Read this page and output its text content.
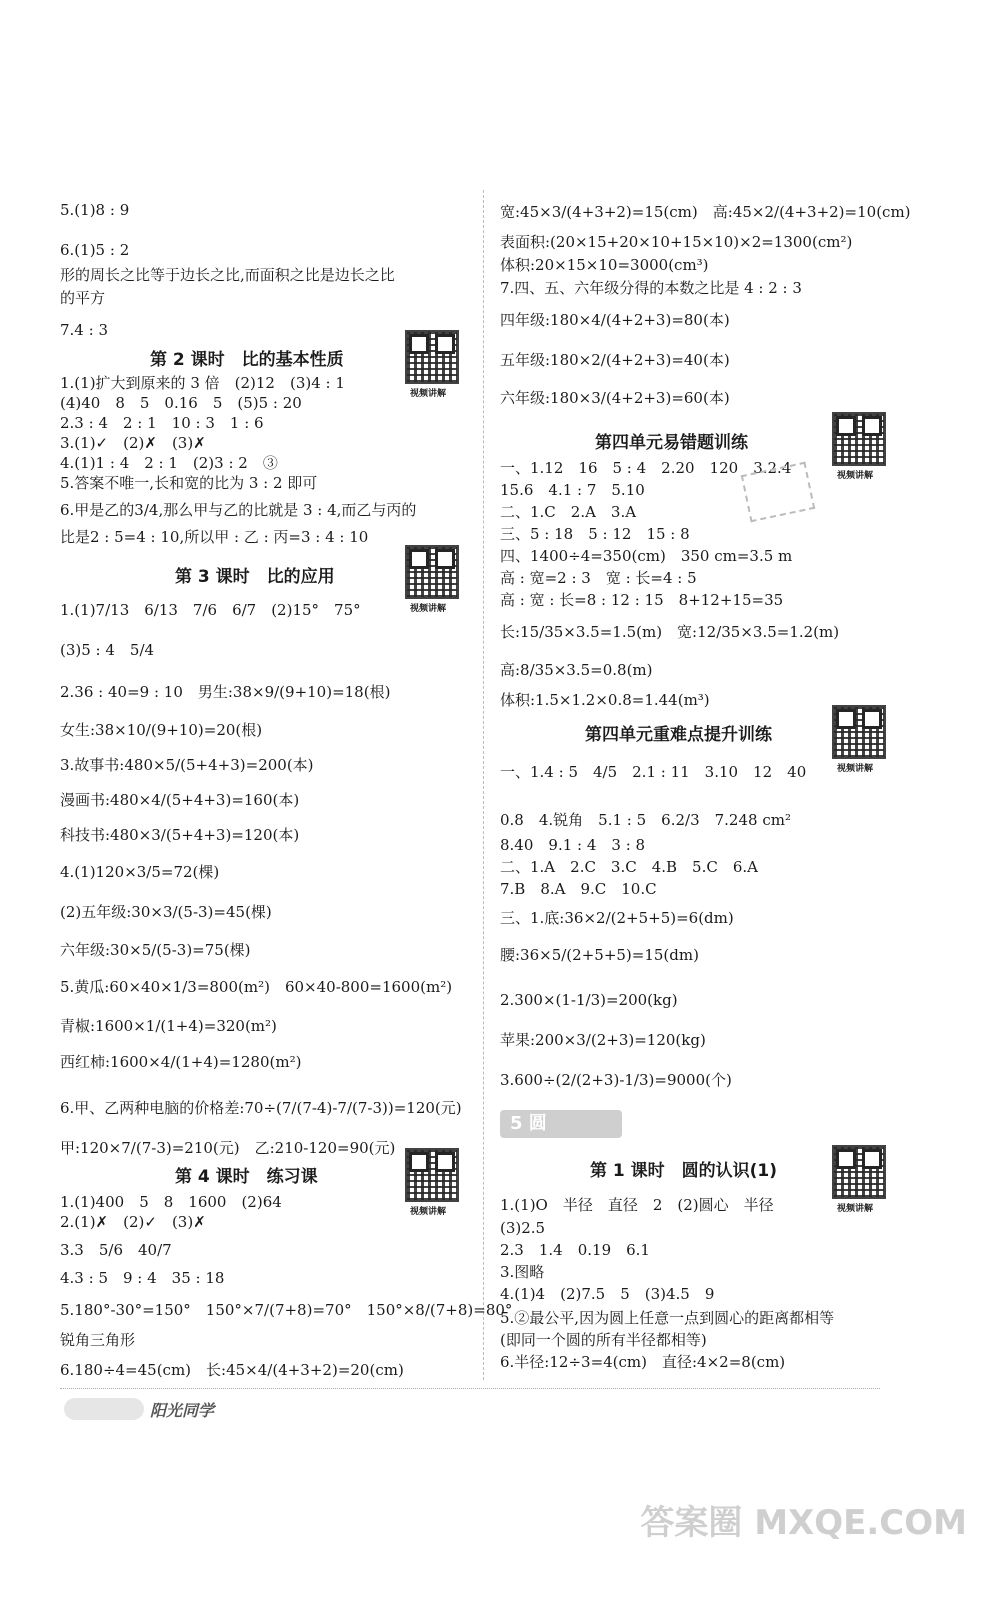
5.(1)8 : 9
6.(1)5 : 2
形的周长之比等于边长之比,而面积之比是边长之比
的平方
7.4 : 3
第 2 课时　比的基本性质
视频讲解
1.(1)扩大到原来的 3 倍　(2)12　(3)4 : 1
(4)40　8　5　0.16　5　(5)5 : 20
2.3 : 4　2 : 1　10 : 3　1 : 6
3.(1)✓　(2)✗　(3)✗
4.(1)1 : 4　2 : 1　(2)3 : 2　③
5.答案不唯一,长和宽的比为 3 : 2 即可
6.甲是乙的3/4,那么甲与乙的比就是 3 : 4,而乙与丙的
比是2 : 5=4 : 10,所以甲 : 乙 : 丙=3 : 4 : 10
第 3 课时　比的应用
视频讲解
1.(1)7/13　6/13　7/6　6/7　(2)15°　75°
(3)5 : 4　5/4
2.36 : 40=9 : 10　男生:38×9/(9+10)=18(根)
女生:38×10/(9+10)=20(根)
3.故事书:480×5/(5+4+3)=200(本)
漫画书:480×4/(5+4+3)=160(本)
科技书:480×3/(5+4+3)=120(本)
4.(1)120×3/5=72(棵)
(2)五年级:30×3/(5-3)=45(棵)
六年级:30×5/(5-3)=75(棵)
5.黄瓜:60×40×1/3=800(m²)　60×40-800=1600(m²)
青椒:1600×1/(1+4)=320(m²)
西红柿:1600×4/(1+4)=1280(m²)
6.甲、乙两种电脑的价格差:70÷(7/(7-4)-7/(7-3))=120(元)
甲:120×7/(7-3)=210(元)　乙:210-120=90(元)
第 4 课时　练习课
视频讲解
1.(1)400　5　8　1600　(2)64
2.(1)✗　(2)✓　(3)✗
3.3　5/6　40/7
4.3 : 5　9 : 4　35 : 18
5.180°-30°=150°　150°×7/(7+8)=70°　150°×8/(7+8)=80°
锐角三角形
6.180÷4=45(cm)　长:45×4/(4+3+2)=20(cm)
宽:45×3/(4+3+2)=15(cm)　高:45×2/(4+3+2)=10(cm)
表面积:(20×15+20×10+15×10)×2=1300(cm²)
体积:20×15×10=3000(cm³)
7.四、五、六年级分得的本数之比是 4 : 2 : 3
四年级:180×4/(4+2+3)=80(本)
五年级:180×2/(4+2+3)=40(本)
六年级:180×3/(4+2+3)=60(本)
第四单元易错题训练
视频讲解
一、1.12　16　5 : 4　2.20　120　3.2.4
15.6　4.1 : 7　5.10
二、1.C　2.A　3.A
三、5 : 18　5 : 12　15 : 8
四、1400÷4=350(cm)　350 cm=3.5 m
高 : 宽=2 : 3　宽 : 长=4 : 5
高 : 宽 : 长=8 : 12 : 15　8+12+15=35
长:15/35×3.5=1.5(m)　宽:12/35×3.5=1.2(m)
高:8/35×3.5=0.8(m)
体积:1.5×1.2×0.8=1.44(m³)
第四单元重难点提升训练
视频讲解
一、1.4 : 5　4/5　2.1 : 11　3.10　12　40
0.8　4.锐角　5.1 : 5　6.2/3　7.248 cm²
8.40　9.1 : 4　3 : 8
二、1.A　2.C　3.C　4.B　5.C　6.A
7.B　8.A　9.C　10.C
三、1.底:36×2/(2+5+5)=6(dm)
腰:36×5/(2+5+5)=15(dm)
2.300×(1-1/3)=200(kg)
苹果:200×3/(2+3)=120(kg)
3.600÷(2/(2+3)-1/3)=9000(个)
第 1 课时　圆的认识(1)
视频讲解
1.(1)O　半径　直径　2　(2)圆心　半径
(3)2.5
2.3　1.4　0.19　6.1
3.图略
4.(1)4　(2)7.5　5　(3)4.5　9
5.②最公平,因为圆上任意一点到圆心的距离都相等
(即同一个圆的所有半径都相等)
6.半径:12÷3=4(cm)　直径:4×2=8(cm)
5 圆
阳光同学
答案圈 MXQE.COM
